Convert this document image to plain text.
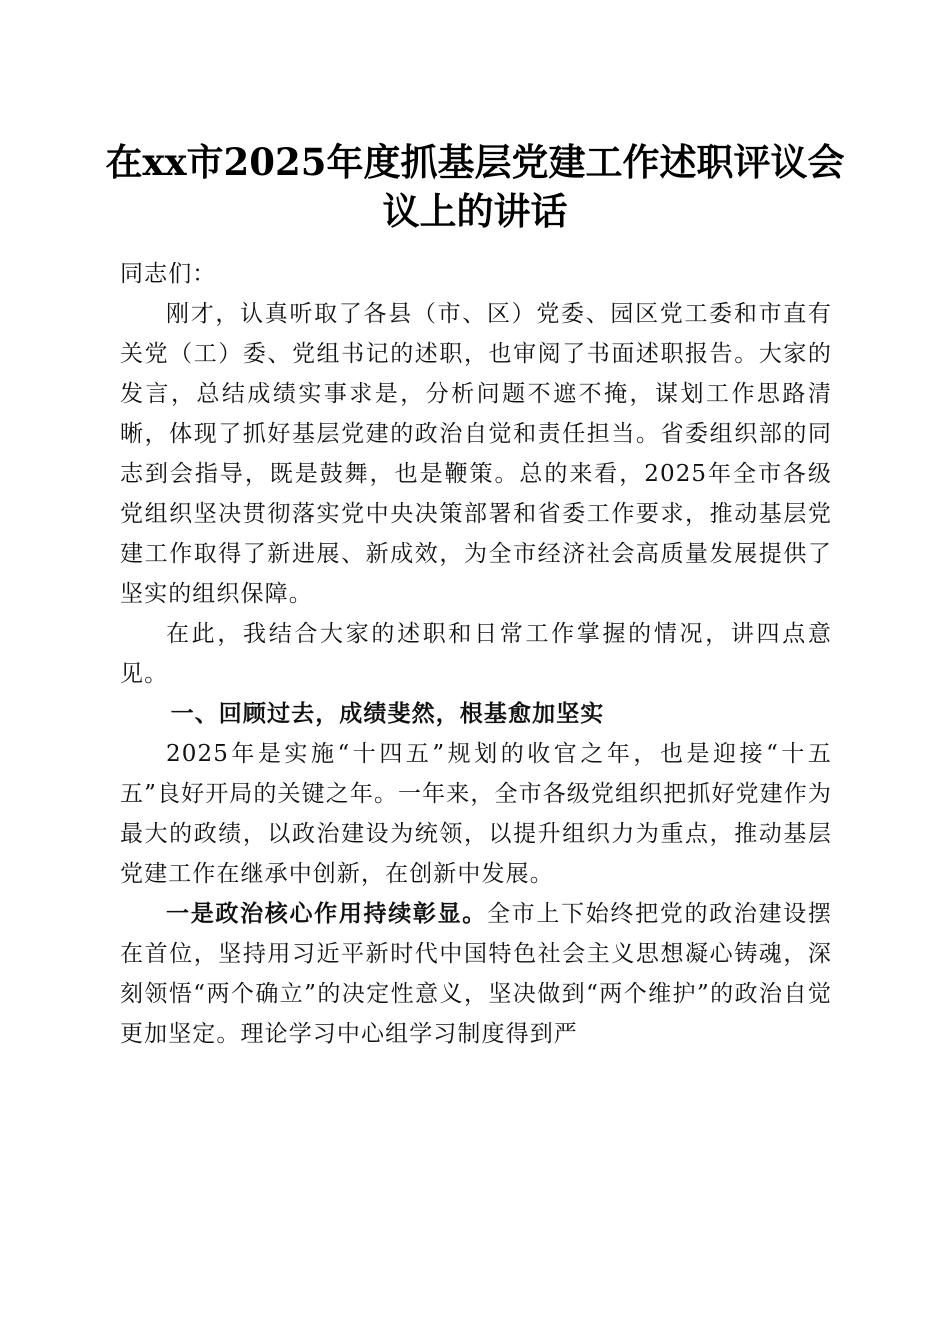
在xx市2025年度抓基层党建工作述职评议会
议上的讲话

同志们：

刚才，认真听取了各县（市、区）党委、园区党工委和市直有关党（工）委、党组书记的述职，也审阅了书面述职报告。大家的发言，总结成绩实事求是，分析问题不遮不掩，谋划工作思路清晰，体现了抓好基层党建的政治自觉和责任担当。省委组织部的同志到会指导，既是鼓舞，也是鞭策。总的来看，2025年全市各级党组织坚决贯彻落实党中央决策部署和省委工作要求，推动基层党建工作取得了新进展、新成效，为全市经济社会高质量发展提供了坚实的组织保障。

在此，我结合大家的述职和日常工作掌握的情况，讲四点意见。

一、回顾过去，成绩斐然，根基愈加坚实

2025年是实施“十四五”规划的收官之年，也是迎接“十五五”良好开局的关键之年。一年来，全市各级党组织把抓好党建作为最大的政绩，以政治建设为统领，以提升组织力为重点，推动基层党建工作在继承中创新，在创新中发展。

一是政治核心作用持续彰显。全市上下始终把党的政治建设摆在首位，坚持用习近平新时代中国特色社会主义思想凝心铸魂，深刻领悟“两个确立”的决定性意义，坚决做到“两个维护”的政治自觉更加坚定。理论学习中心组学习制度得到严
